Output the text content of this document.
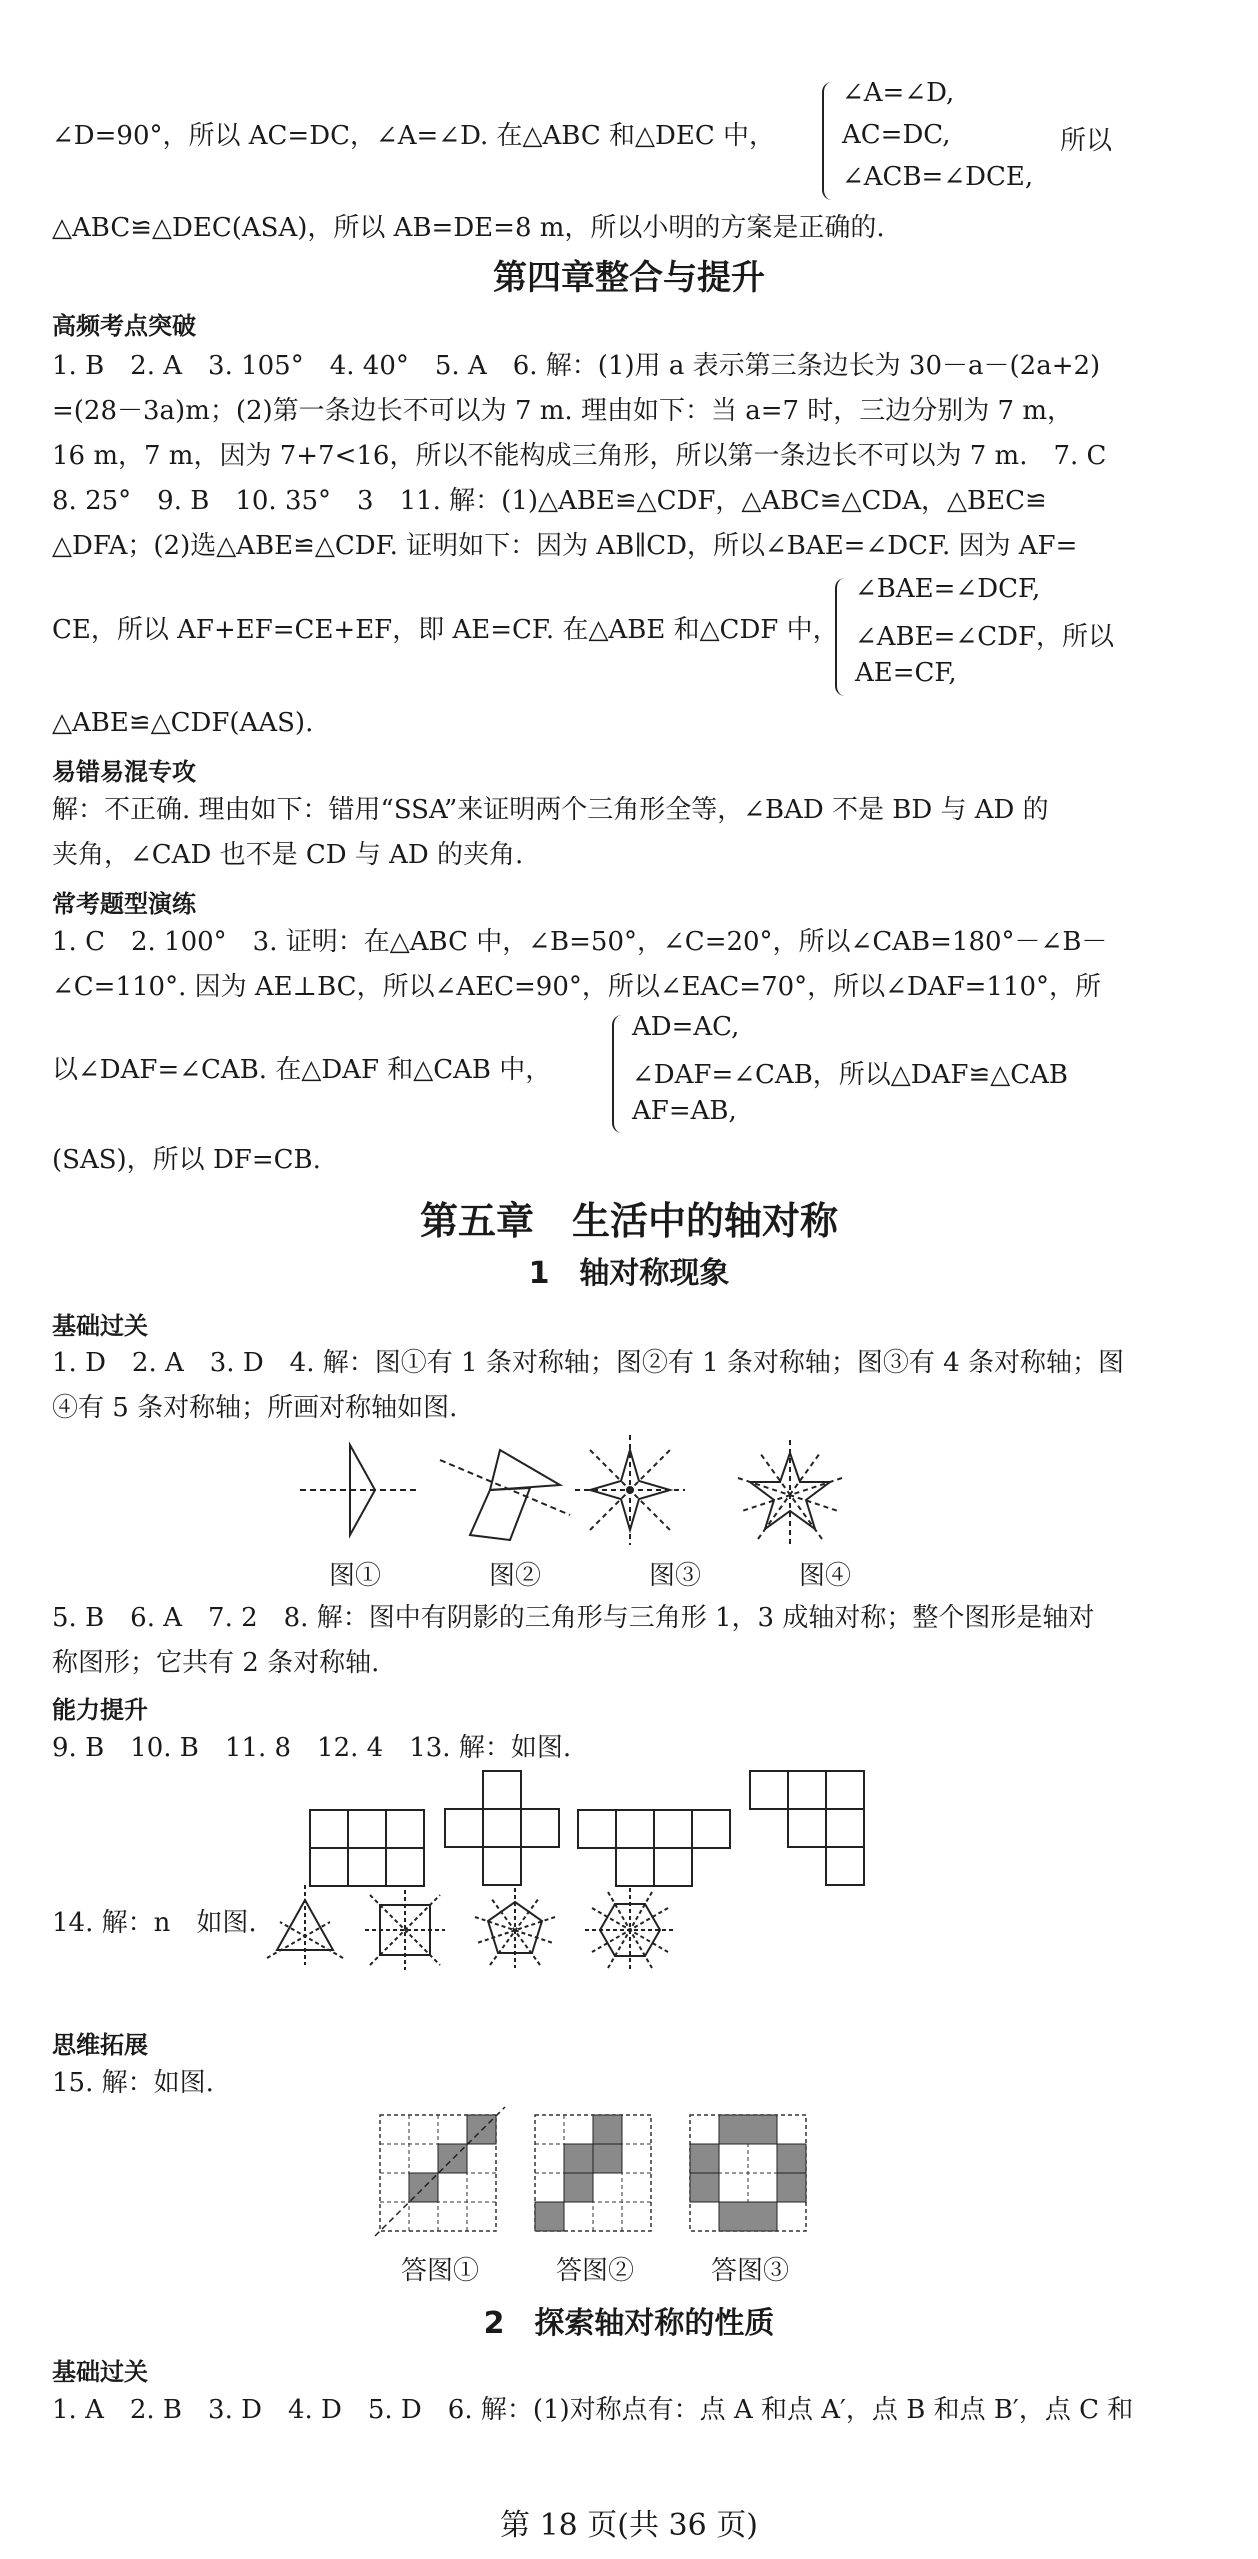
∠D=90°，所以 AC=DC，∠A=∠D. 在△ABC 和△DEC 中，
∠A=∠D,
AC=DC,
∠ACB=∠DCE,
所以
△ABC≌△DEC(ASA)，所以 AB=DE=8 m，所以小明的方案是正确的.
第四章整合与提升
高频考点突破
1. B　2. A　3. 105°　4. 40°　5. A　6. 解：(1)用 a 表示第三条边长为 30－a－(2a+2)
=(28－3a)m；(2)第一条边长不可以为 7 m. 理由如下：当 a=7 时，三边分别为 7 m，
16 m，7 m，因为 7+7<16，所以不能构成三角形，所以第一条边长不可以为 7 m.　7. C
8. 25°　9. B　10. 35°　3　11. 解：(1)△ABE≌△CDF，△ABC≌△CDA，△BEC≌
△DFA；(2)选△ABE≌△CDF. 证明如下：因为 AB∥CD，所以∠BAE=∠DCF. 因为 AF=
CE，所以 AF+EF=CE+EF，即 AE=CF. 在△ABE 和△CDF 中，
∠BAE=∠DCF,
∠ABE=∠CDF，所以
AE=CF,
△ABE≌△CDF(AAS).
易错易混专攻
解：不正确. 理由如下：错用“SSA”来证明两个三角形全等，∠BAD 不是 BD 与 AD 的
夹角，∠CAD 也不是 CD 与 AD 的夹角.
常考题型演练
1. C　2. 100°　3. 证明：在△ABC 中，∠B=50°，∠C=20°，所以∠CAB=180°－∠B－
∠C=110°. 因为 AE⊥BC，所以∠AEC=90°，所以∠EAC=70°，所以∠DAF=110°，所
以∠DAF=∠CAB. 在△DAF 和△CAB 中，
AD=AC,
∠DAF=∠CAB，所以△DAF≌△CAB
AF=AB,
(SAS)，所以 DF=CB.
第五章　生活中的轴对称
1　轴对称现象
基础过关
1. D　2. A　3. D　4. 解：图①有 1 条对称轴；图②有 1 条对称轴；图③有 4 条对称轴；图
④有 5 条对称轴；所画对称轴如图.
图①	图②	图③	图④
5. B　6. A　7. 2　8. 解：图中有阴影的三角形与三角形 1，3 成轴对称；整个图形是轴对
称图形；它共有 2 条对称轴.
能力提升
9. B　10. B　11. 8　12. 4　13. 解：如图.
14. 解：n　如图.
思维拓展
15. 解：如图.
答图①	答图②	答图③
2　探索轴对称的性质
基础过关
1. A　2. B　3. D　4. D　5. D　6. 解：(1)对称点有：点 A 和点 A′，点 B 和点 B′，点 C 和
第 18 页(共 36 页)
